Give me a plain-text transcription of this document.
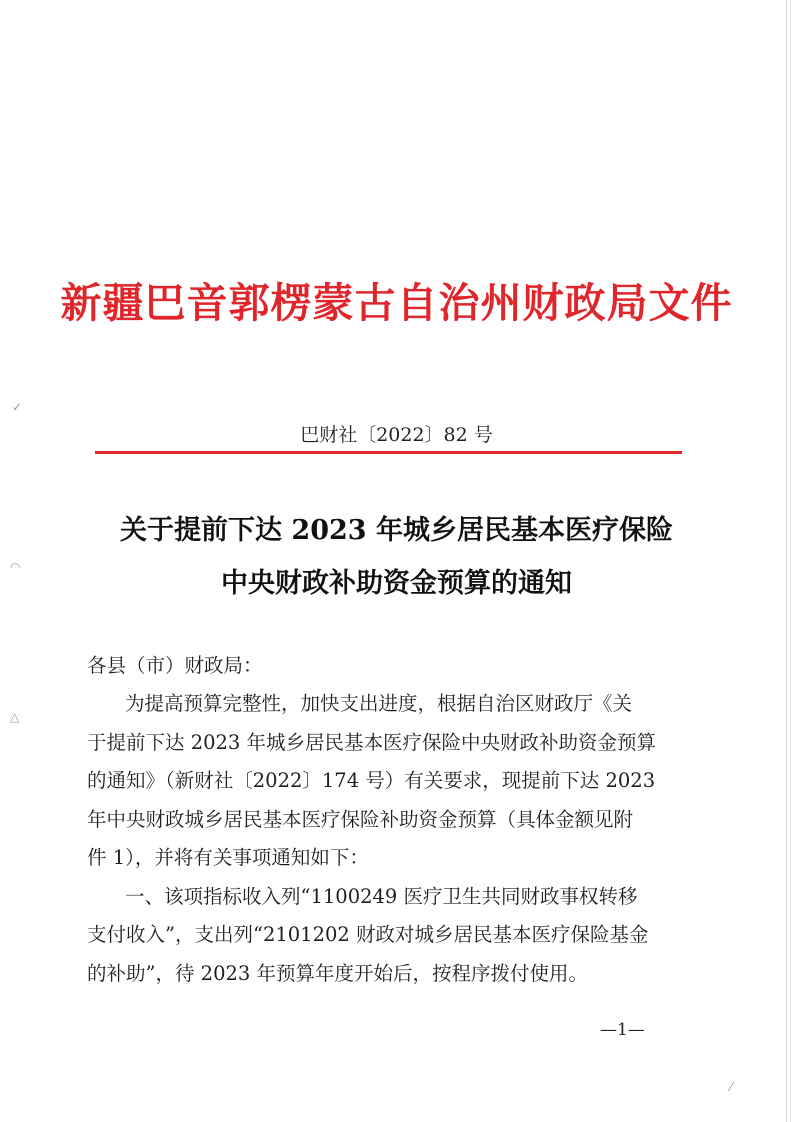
✓
◠
△
⁄
新疆巴音郭楞蒙古自治州财政局文件
巴财社〔2022〕82 号
关于提前下达 2023 年城乡居民基本医疗保险
中央财政补助资金预算的通知
各县（市）财政局：
为提高预算完整性，加快支出进度，根据自治区财政厅《关
于提前下达 2023 年城乡居民基本医疗保险中央财政补助资金预算
的通知》（新财社〔2022〕174 号）有关要求，现提前下达 2023
年中央财政城乡居民基本医疗保险补助资金预算（具体金额见附
件 1），并将有关事项通知如下：
一、该项指标收入列“1100249 医疗卫生共同财政事权转移
支付收入”，支出列“2101202 财政对城乡居民基本医疗保险基金
的补助”，待 2023 年预算年度开始后，按程序拨付使用。
—1—
